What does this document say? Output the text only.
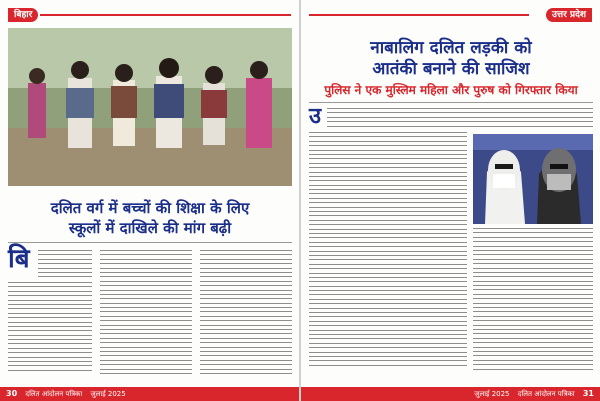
बिहार
दलित वर्ग में बच्चों की शिक्षा के लिए
स्कूलों में दाखिले की मांग बढ़ी
बि
30 दलित आंदोलन पत्रिका जुलाई 2025
उत्तर प्रदेश
नाबालिग दलित लड़की को
आतंकी बनाने की साजिश
पुलिस ने एक मुस्लिम महिला और पुरुष को गिरफ्तार किया
उ
जुलाई 2025 दलित आंदोलन पत्रिका 31
